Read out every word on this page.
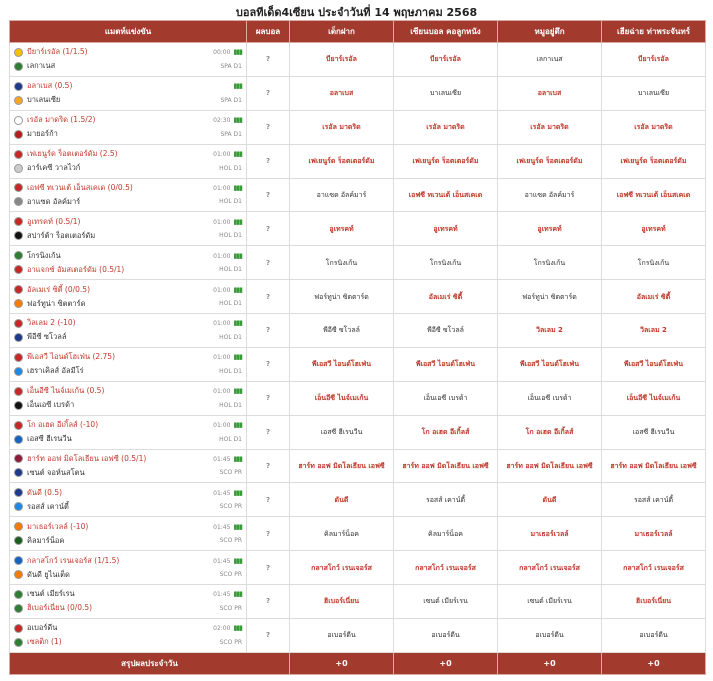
บอลทีเด็ด4เซียน ประจำวันที่ 14 พฤษภาคม 2568
แมตท์แข่งขัน	ผลบอล	เด็กฝาก	เซียนบอล คอลูกหนัง	หมูอยู่ตึก	เฮียฉ่าย ท่าพระจันทร์

บียาร์เรอัล (1/1.5) 00:00 ▮▮▮
เลกาเนส SPA D1	?	บียาร์เรอัล	บียาร์เรอัล	เลกาเนส	บียาร์เรอัล

อลาเบส (0.5) ▮▮▮
บาเลนเซีย SPA D1	?	อลาเบส	บาเลนเซีย	อลาเบส	บาเลนเซีย

เรอัล มาดริด (1.5/2) 02:30 ▮▮▮
มายอร์ก้า SPA D1	?	เรอัล มาดริด	เรอัล มาดริด	เรอัล มาดริด	เรอัล มาดริด

เฟเยนูร์ด ร็อตเตอร์ดัม (2.5) 01:00 ▮▮▮
อาร์เคซี วาลไวก์ HOL D1	?	เฟเยนูร์ด ร็อตเตอร์ดัม	เฟเยนูร์ด ร็อตเตอร์ดัม	เฟเยนูร์ด ร็อตเตอร์ดัม	เฟเยนูร์ด ร็อตเตอร์ดัม

เอฟซี ทเวนเต้ เอ็นสเคเด (0/0.5) 01:00 ▮▮▮
อาแซด อัลค์มาร์ HOL D1	?	อาแซด อัลค์มาร์	เอฟซี ทเวนเต้ เอ็นสเคเด	อาแซด อัลค์มาร์	เอฟซี ทเวนเต้ เอ็นสเคเด

อูเทรคท์ (0.5/1) 01:00 ▮▮▮
สปาร์ต้า ร็อตเตอร์ดัม HOL D1	?	อูเทรคท์	อูเทรคท์	อูเทรคท์	อูเทรคท์

โกรนิงเก้น 01:00 ▮▮▮
อาแจกซ์ อัมสเตอร์ดัม (0.5/1) HOL D1	?	โกรนิงเก้น	โกรนิงเก้น	โกรนิงเก้น	โกรนิงเก้น

อัลเมเร่ ซิตี้ (0/0.5) 01:00 ▮▮▮
ฟอร์ทูน่า ซิตตาร์ด HOL D1	?	ฟอร์ทูน่า ซิตตาร์ด	อัลเมเร่ ซิตี้	ฟอร์ทูน่า ซิตตาร์ด	อัลเมเร่ ซิตี้

วิลเลม 2 (-10) 01:00 ▮▮▮
พีอีซี ซโวลล์ HOL D1	?	พีอีซี ซโวลล์	พีอีซี ซโวลล์	วิลเลม 2	วิลเลม 2

พีเอสวี ไอนด์โฮเฟ่น (2.75) 01:00 ▮▮▮
เฮราเคิลส์ อัลมีโร่ HOL D1	?	พีเอสวี ไอนด์โฮเฟ่น	พีเอสวี ไอนด์โฮเฟ่น	พีเอสวี ไอนด์โฮเฟ่น	พีเอสวี ไอนด์โฮเฟ่น

เอ็นอีซี ไนจ์เมเก้น (0.5) 01:00 ▮▮▮
เอ็นเอซี เบรด้า HOL D1	?	เอ็นอีซี ไนจ์เมเก้น	เอ็นเอซี เบรด้า	เอ็นเอซี เบรด้า	เอ็นอีซี ไนจ์เมเก้น

โก อเฮด อีเกิ้ลส์ (-10) 01:00 ▮▮▮
เอสซี ฮีเรนวีน HOL D1	?	เอสซี ฮีเรนวีน	โก อเฮด อีเกิ้ลส์	โก อเฮด อีเกิ้ลส์	เอสซี ฮีเรนวีน

ฮาร์ท ออฟ มิดโลเธียน เอฟซี (0.5/1) 01:45 ▮▮▮
เซนต์ จอห์นสโตน SCO PR	?	ฮาร์ท ออฟ มิดโลเธียน เอฟซี	ฮาร์ท ออฟ มิดโลเธียน เอฟซี	ฮาร์ท ออฟ มิดโลเธียน เอฟซี	ฮาร์ท ออฟ มิดโลเธียน เอฟซี

ดันดี (0.5) 01:45 ▮▮▮
รอสส์ เคาน์ตี้ SCO PR	?	ดันดี	รอสส์ เคาน์ตี้	ดันดี	รอสส์ เคาน์ตี้

มาเธอร์เวลล์ (-10) 01:45 ▮▮▮
คิลมาร์น็อค SCO PR	?	คิลมาร์น็อค	คิลมาร์น็อค	มาเธอร์เวลล์	มาเธอร์เวลล์

กลาสโกว์ เรนเจอร์ส (1/1.5) 01:45 ▮▮▮
ดันดี ยูไนเต็ด SCO PR	?	กลาสโกว์ เรนเจอร์ส	กลาสโกว์ เรนเจอร์ส	กลาสโกว์ เรนเจอร์ส	กลาสโกว์ เรนเจอร์ส

เซนต์ เมียร์เรน 01:45 ▮▮▮
ฮิเบอร์เนี่ยน (0/0.5) SCO PR	?	ฮิเบอร์เนี่ยน	เซนต์ เมียร์เรน	เซนต์ เมียร์เรน	ฮิเบอร์เนี่ยน

อเบอร์ดีน 02:00 ▮▮▮
เซลติก (1) SCO PR	?	อเบอร์ดีน	อเบอร์ดีน	อเบอร์ดีน	อเบอร์ดีน
สรุปผลประจำวัน		+0	+0	+0	+0
